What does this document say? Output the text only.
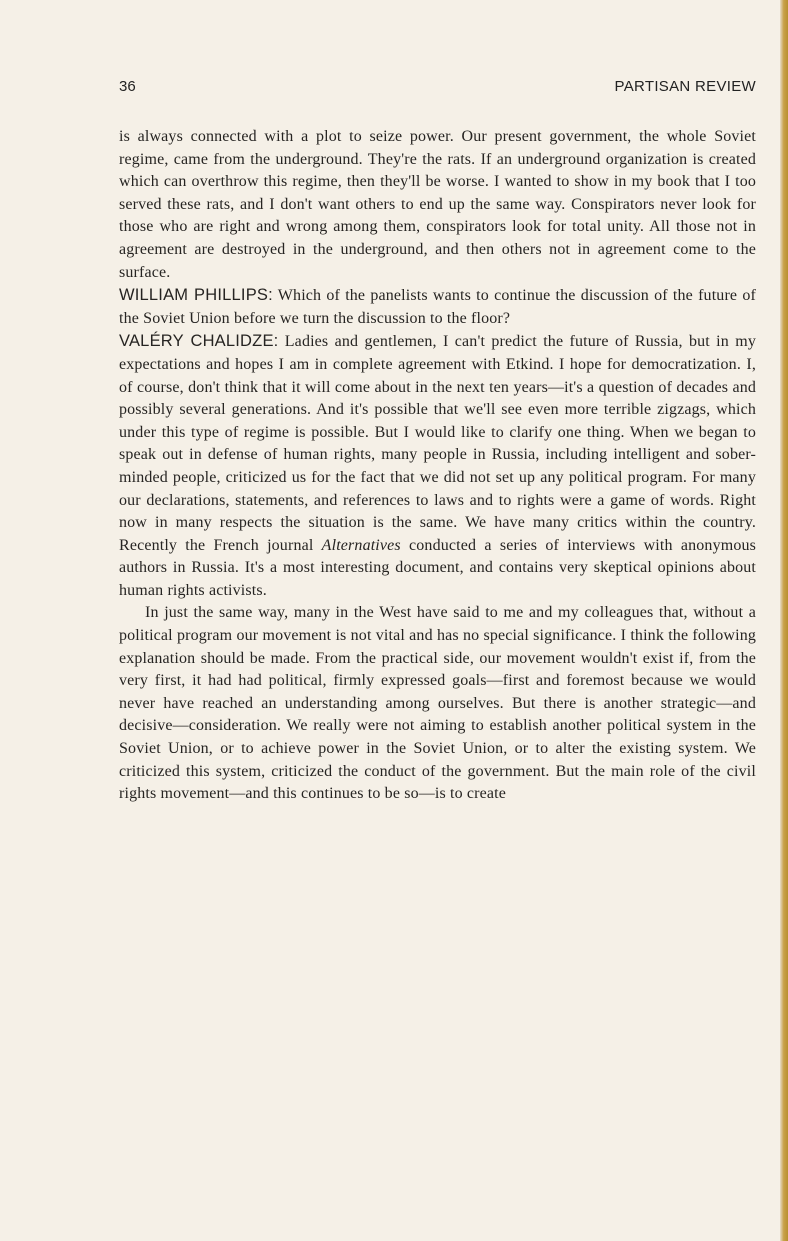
36	PARTISAN REVIEW

is always connected with a plot to seize power. Our present government, the whole Soviet regime, came from the underground. They're the rats. If an underground organization is created which can overthrow this regime, then they'll be worse. I wanted to show in my book that I too served these rats, and I don't want others to end up the same way. Conspirators never look for those who are right and wrong among them, conspirators look for total unity. All those not in agreement are destroyed in the underground, and then others not in agreement come to the surface.

WILLIAM PHILLIPS: Which of the panelists wants to continue the discussion of the future of the Soviet Union before we turn the discussion to the floor?

VALÉRY CHALIDZE: Ladies and gentlemen, I can't predict the future of Russia, but in my expectations and hopes I am in complete agreement with Etkind. I hope for democratization. I, of course, don't think that it will come about in the next ten years—it's a question of decades and possibly several generations. And it's possible that we'll see even more terrible zigzags, which under this type of regime is possible. But I would like to clarify one thing. When we began to speak out in defense of human rights, many people in Russia, including intelligent and sober-minded people, criticized us for the fact that we did not set up any political program. For many our declarations, statements, and references to laws and to rights were a game of words. Right now in many respects the situation is the same. We have many critics within the country. Recently the French journal Alternatives conducted a series of interviews with anonymous authors in Russia. It's a most interesting document, and contains very skeptical opinions about human rights activists.

In just the same way, many in the West have said to me and my colleagues that, without a political program our movement is not vital and has no special significance. I think the following explanation should be made. From the practical side, our movement wouldn't exist if, from the very first, it had had political, firmly expressed goals—first and foremost because we would never have reached an understanding among ourselves. But there is another strategic—and decisive—consideration. We really were not aiming to establish another political system in the Soviet Union, or to achieve power in the Soviet Union, or to alter the existing system. We criticized this system, criticized the conduct of the government. But the main role of the civil rights movement—and this continues to be so—is to create
